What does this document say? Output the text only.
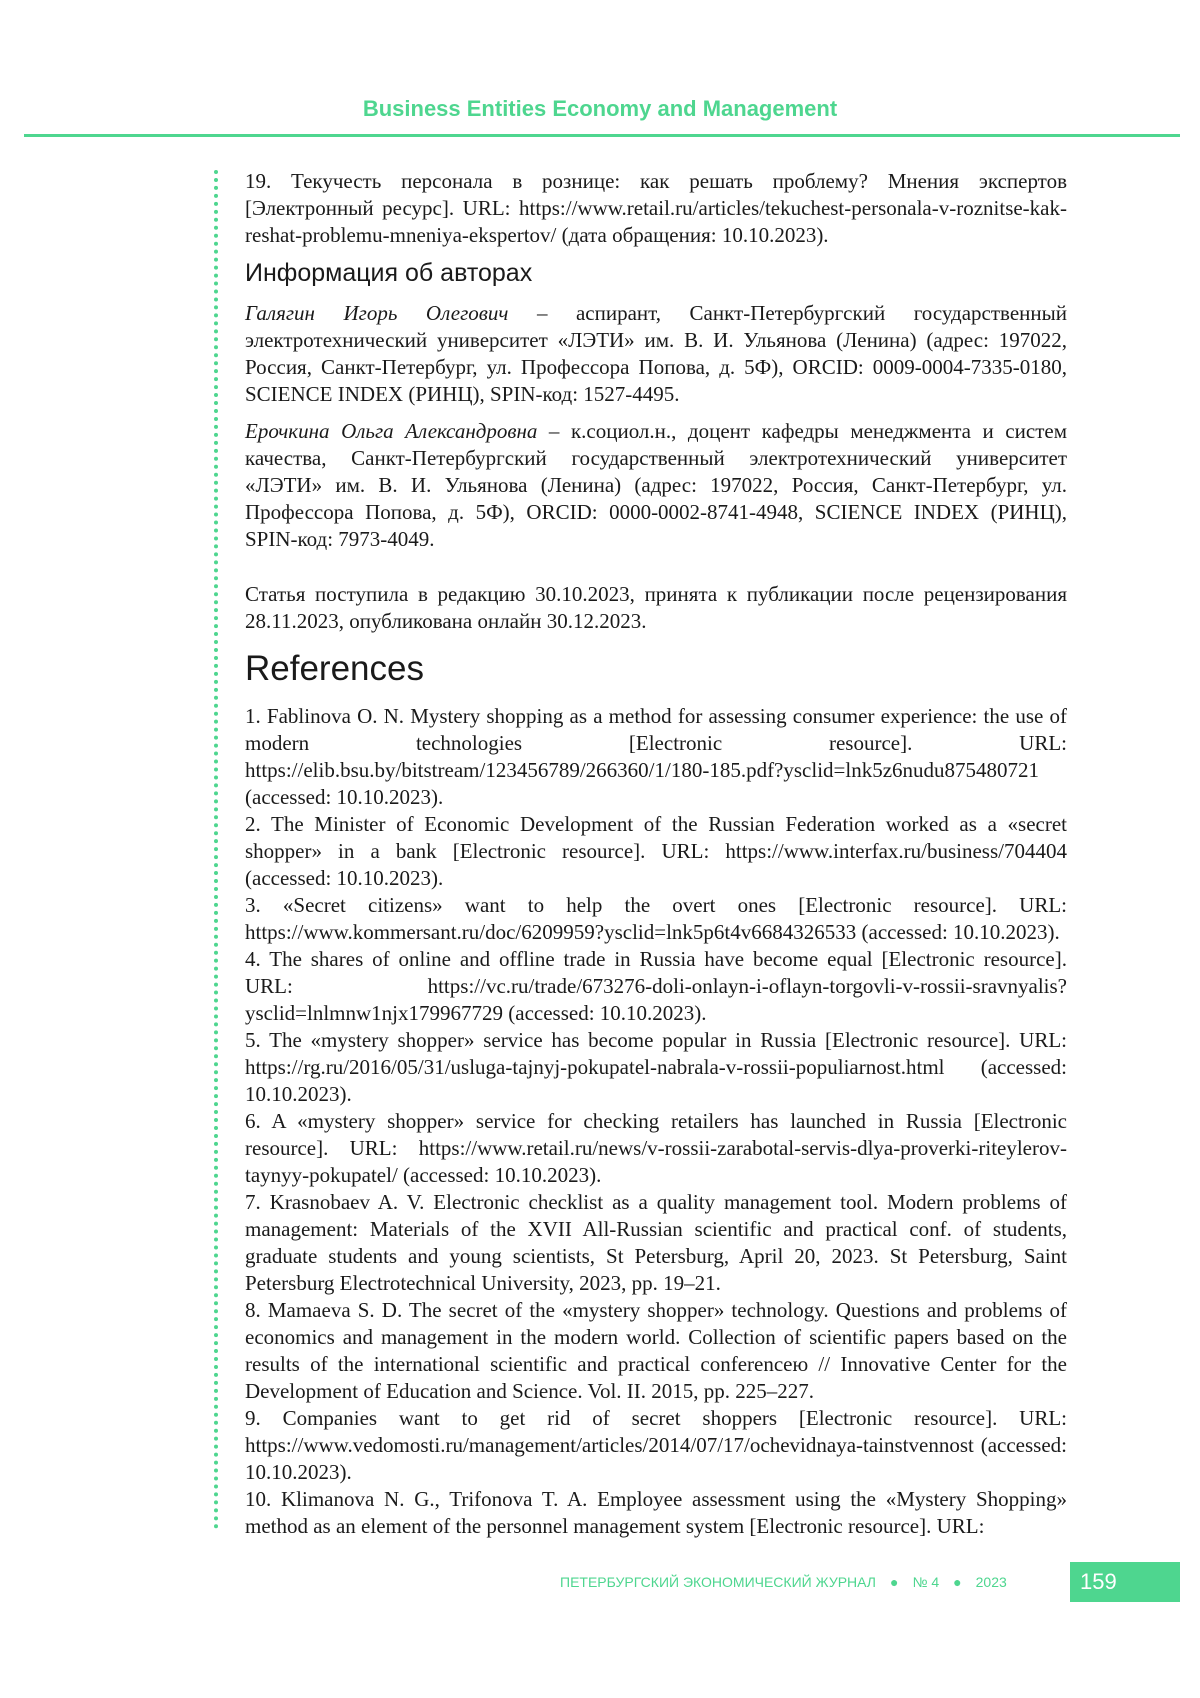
Business Entities Economy and Management

19. Текучесть персонала в рознице: как решать проблему? Мнения экспертов [Электронный ресурс]. URL: https://www.retail.ru/articles/tekuchest-personala-v-roznitse-kak-reshat-problemu-mneniya-ekspertov/ (дата обращения: 10.10.2023).

Информация об авторах

Галягин Игорь Олегович – аспирант, Санкт-Петербургский государственный электротехнический университет «ЛЭТИ» им. В. И. Ульянова (Ленина) (адрес: 197022, Россия, Санкт-Петербург, ул. Профессора Попова, д. 5Ф), ORCID: 0009-0004-7335-0180, SCIENCE INDEX (РИНЦ), SPIN-код: 1527-4495.

Ерочкина Ольга Александровна – к.социол.н., доцент кафедры менеджмента и систем качества, Санкт-Петербургский государственный электротехнический университет «ЛЭТИ» им. В. И. Ульянова (Ленина) (адрес: 197022, Россия, Санкт-Петербург, ул. Профессора Попова, д. 5Ф), ORCID: 0000-0002-8741-4948, SCIENCE INDEX (РИНЦ), SPIN-код: 7973-4049.

Статья поступила в редакцию 30.10.2023, принята к публикации после рецензирования 28.11.2023, опубликована онлайн 30.12.2023.

References

1. Fablinova O. N. Mystery shopping as a method for assessing consumer experience: the use of modern technologies [Electronic resource]. URL: https://elib.bsu.by/bitstream/123456789/266360/1/180-185.pdf?ysclid=lnk5z6nudu875480721 (accessed: 10.10.2023).

2. The Minister of Economic Development of the Russian Federation worked as a «secret shopper» in a bank [Electronic resource]. URL: https://www.interfax.ru/business/704404 (accessed: 10.10.2023).

3. «Secret citizens» want to help the overt ones [Electronic resource]. URL: https://www.kommersant.ru/doc/6209959?ysclid=lnk5p6t4v6684326533 (accessed: 10.10.2023).

4. The shares of online and offline trade in Russia have become equal [Electronic resource]. URL: https://vc.ru/trade/673276-doli-onlayn-i-oflayn-torgovli-v-rossii-sravnyalis?ysclid=lnlmnw1njx179967729 (accessed: 10.10.2023).

5. The «mystery shopper» service has become popular in Russia [Electronic resource]. URL: https://rg.ru/2016/05/31/usluga-tajnyj-pokupatel-nabrala-v-rossii-populiarnost.html (accessed: 10.10.2023).

6. A «mystery shopper» service for checking retailers has launched in Russia [Electronic resource]. URL: https://www.retail.ru/news/v-rossii-zarabotal-servis-dlya-proverki-riteylerov-taynyy-pokupatel/ (accessed: 10.10.2023).

7. Krasnobaev A. V. Electronic checklist as a quality management tool. Modern problems of management: Materials of the XVII All-Russian scientific and practical conf. of students, graduate students and young scientists, St Petersburg, April 20, 2023. St Petersburg, Saint Petersburg Electrotechnical University, 2023, pp. 19–21.

8. Mamaeva S. D. The secret of the «mystery shopper» technology. Questions and problems of economics and management in the modern world. Collection of scientific papers based on the results of the international scientific and practical conferenceю // Innovative Center for the Development of Education and Science. Vol. II. 2015, pp. 225–227.

9. Companies want to get rid of secret shoppers [Electronic resource]. URL: https://www.vedomosti.ru/management/articles/2014/07/17/ochevidnaya-tainstvennost (accessed: 10.10.2023).

10. Klimanova N. G., Trifonova T. A. Employee assessment using the «Mystery Shopping» method as an element of the personnel management system [Electronic resource]. URL:

ПЕТЕРБУРГСКИЙ ЭКОНОМИЧЕСКИЙ ЖУРНАЛ ● № 4 ● 2023	159
